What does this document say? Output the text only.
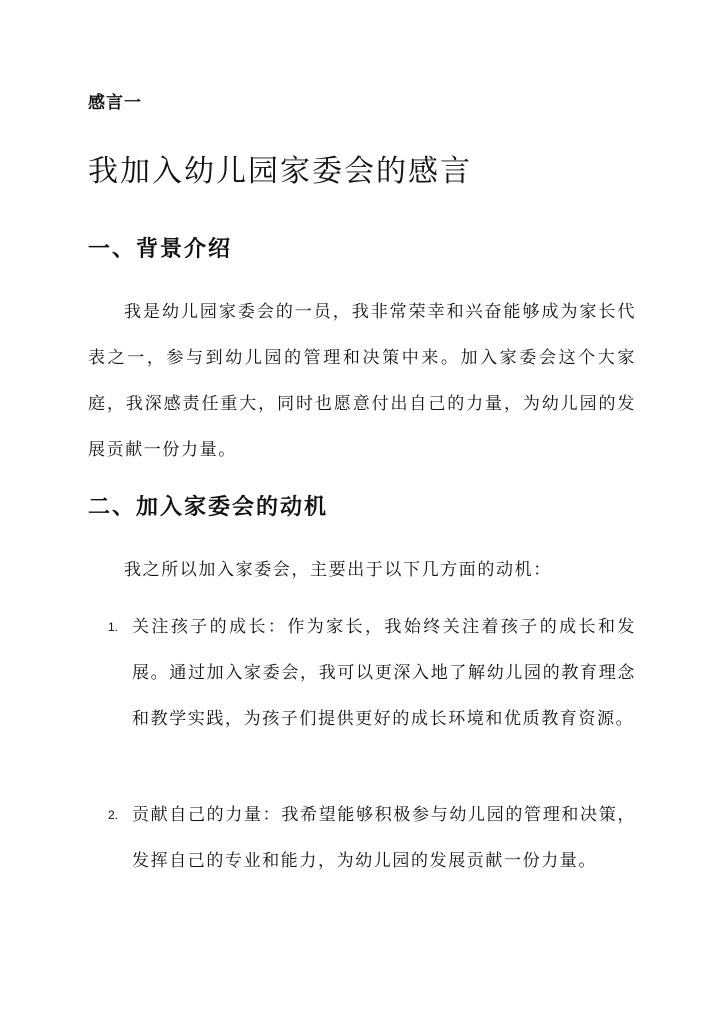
感言一
我加入幼儿园家委会的感言
一、背景介绍

我是幼儿园家委会的一员，我非常荣幸和兴奋能够成为家长代表之一，参与到幼儿园的管理和决策中来。加入家委会这个大家庭，我深感责任重大，同时也愿意付出自己的力量，为幼儿园的发展贡献一份力量。

二、加入家委会的动机

我之所以加入家委会，主要出于以下几方面的动机：

1. 关注孩子的成长：作为家长，我始终关注着孩子的成长和发展。通过加入家委会，我可以更深入地了解幼儿园的教育理念和教学实践，为孩子们提供更好的成长环境和优质教育资源。

2. 贡献自己的力量：我希望能够积极参与幼儿园的管理和决策，发挥自己的专业和能力，为幼儿园的发展贡献一份力量。
